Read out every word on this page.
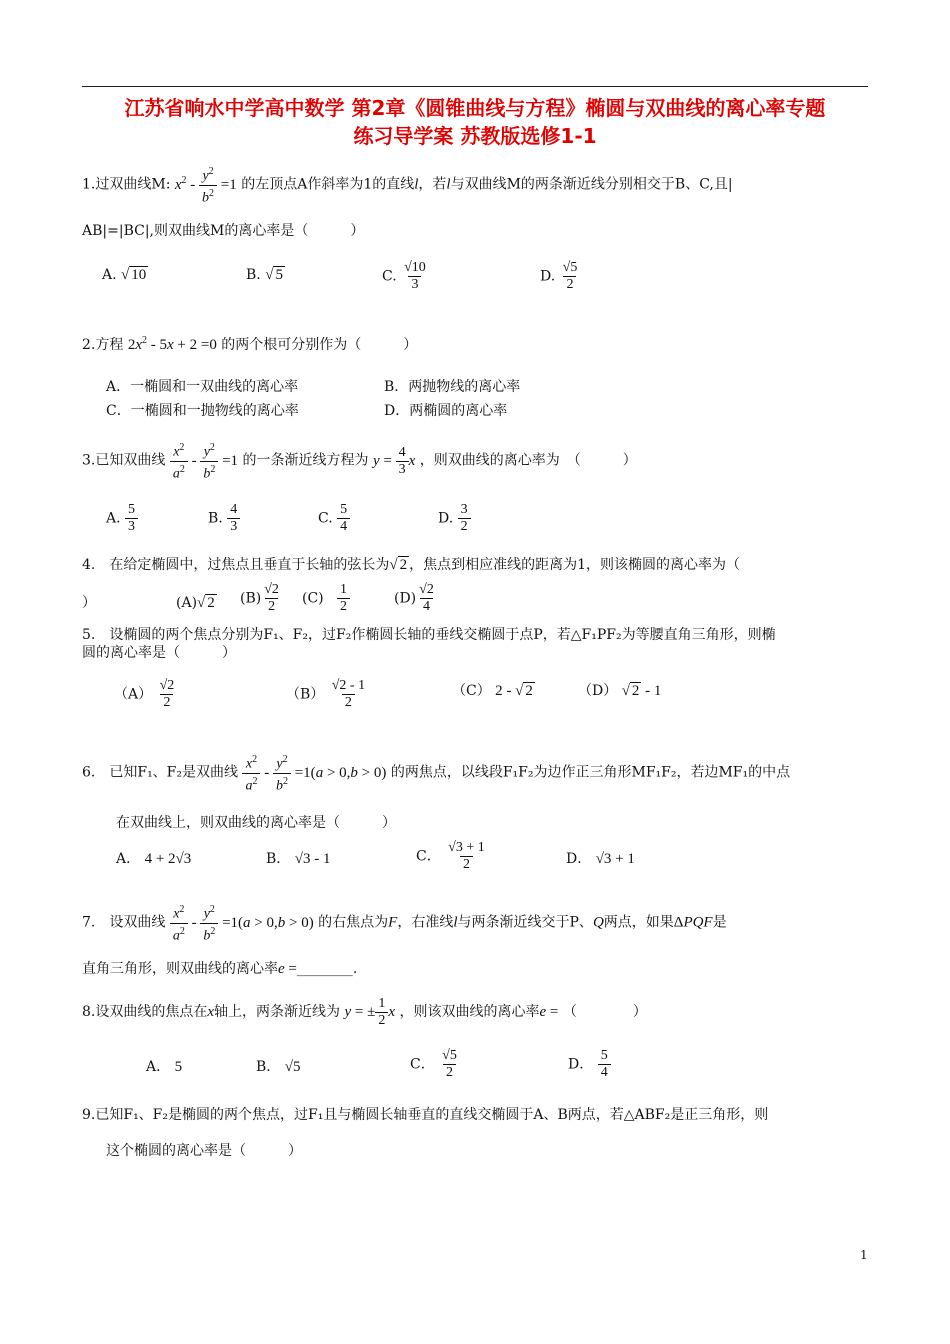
江苏省响水中学高中数学 第2章《圆锥曲线与方程》椭圆与双曲线的离心率专题
练习导学案 苏教版选修1-1
1.过双曲线M: $x^2 - \frac{y^2}{b^2} =1$ 的左顶点A作斜率为1的直线l，若l与双曲线M的两条渐近线分别相交于B、C,且|
AB|=|BC|,则双曲线M的离心率是（　　　）
A. √ 10	B. √ 5	C. $\frac{√10}{3}$	D. $\frac{√5}{2}$
2.方程 $2x^2 - 5x + 2 =0$ 的两个根可分别作为（　　　）
A．一椭圆和一双曲线的离心率	B．两抛物线的离心率
C．一椭圆和一抛物线的离心率	D．两椭圆的离心率
3.已知双曲线 $\frac{x^2}{a^2} - \frac{y^2}{b^2} =1$ 的一条渐近线方程为 $y = \frac{4}{3}$ x ，则双曲线的离心率为　（　　　）
A. $\frac{5}{3}$	B. $\frac{4}{3}$	C. $\frac{5}{4}$	D. $\frac{3}{2}$
4.　在给定椭圆中，过焦点且垂直于长轴的弦长为√ 2 ，焦点到相应准线的距离为1，则该椭圆的离心率为（
）	(A)√ 2 $(B) \frac{√2}{2} (C) \frac{1}{2}$	$(D) \frac{√2}{4}$
5.　设椭圆的两个焦点分别为F₁、F₂，过F₂作椭圆长轴的垂线交椭圆于点P，若△F₁PF₂为等腰直角三角形，则椭
圆的离心率是（　　　）
$(A) \frac{√2}{2}$	$(B) \frac{√2 - 1}{2}$	（C） 2 - √ 2	（D） √ 2 - 1
6.　已知F₁、F₂是双曲线 $\frac{x^2}{a^2} - \frac{y^2}{b^2} =1(a > 0,b > 0)$ 的两焦点，以线段F₁F₂为边作正三角形MF₁F₂，若边MF₁的中点
在双曲线上，则双曲线的离心率是（　　　）
A． 4 + 2√3	B． √3 - 1	C． $\frac{√3 + 1}{2}$	D． √3 + 1
7.　设双曲线 $\frac{x^2}{a^2} - \frac{y^2}{b^2} =1(a > 0,b > 0)$ 的右焦点为F，右准线l与两条渐近线交于P、Q两点，如果ΔPQF是
直角三角形，则双曲线的离心率e =________.
8.设双曲线的焦点在x轴上，两条渐近线为 y = ± $\frac{1}{2}$ x ，则该双曲线的离心率e = （　　　　）
A． 5	B． √5	C． $\frac{√5}{2}$	D． $\frac{5}{4}$
9.已知F₁、F₂是椭圆的两个焦点，过F₁且与椭圆长轴垂直的直线交椭圆于A、B两点，若△ABF₂是正三角形，则
这个椭圆的离心率是（　　　）
1
